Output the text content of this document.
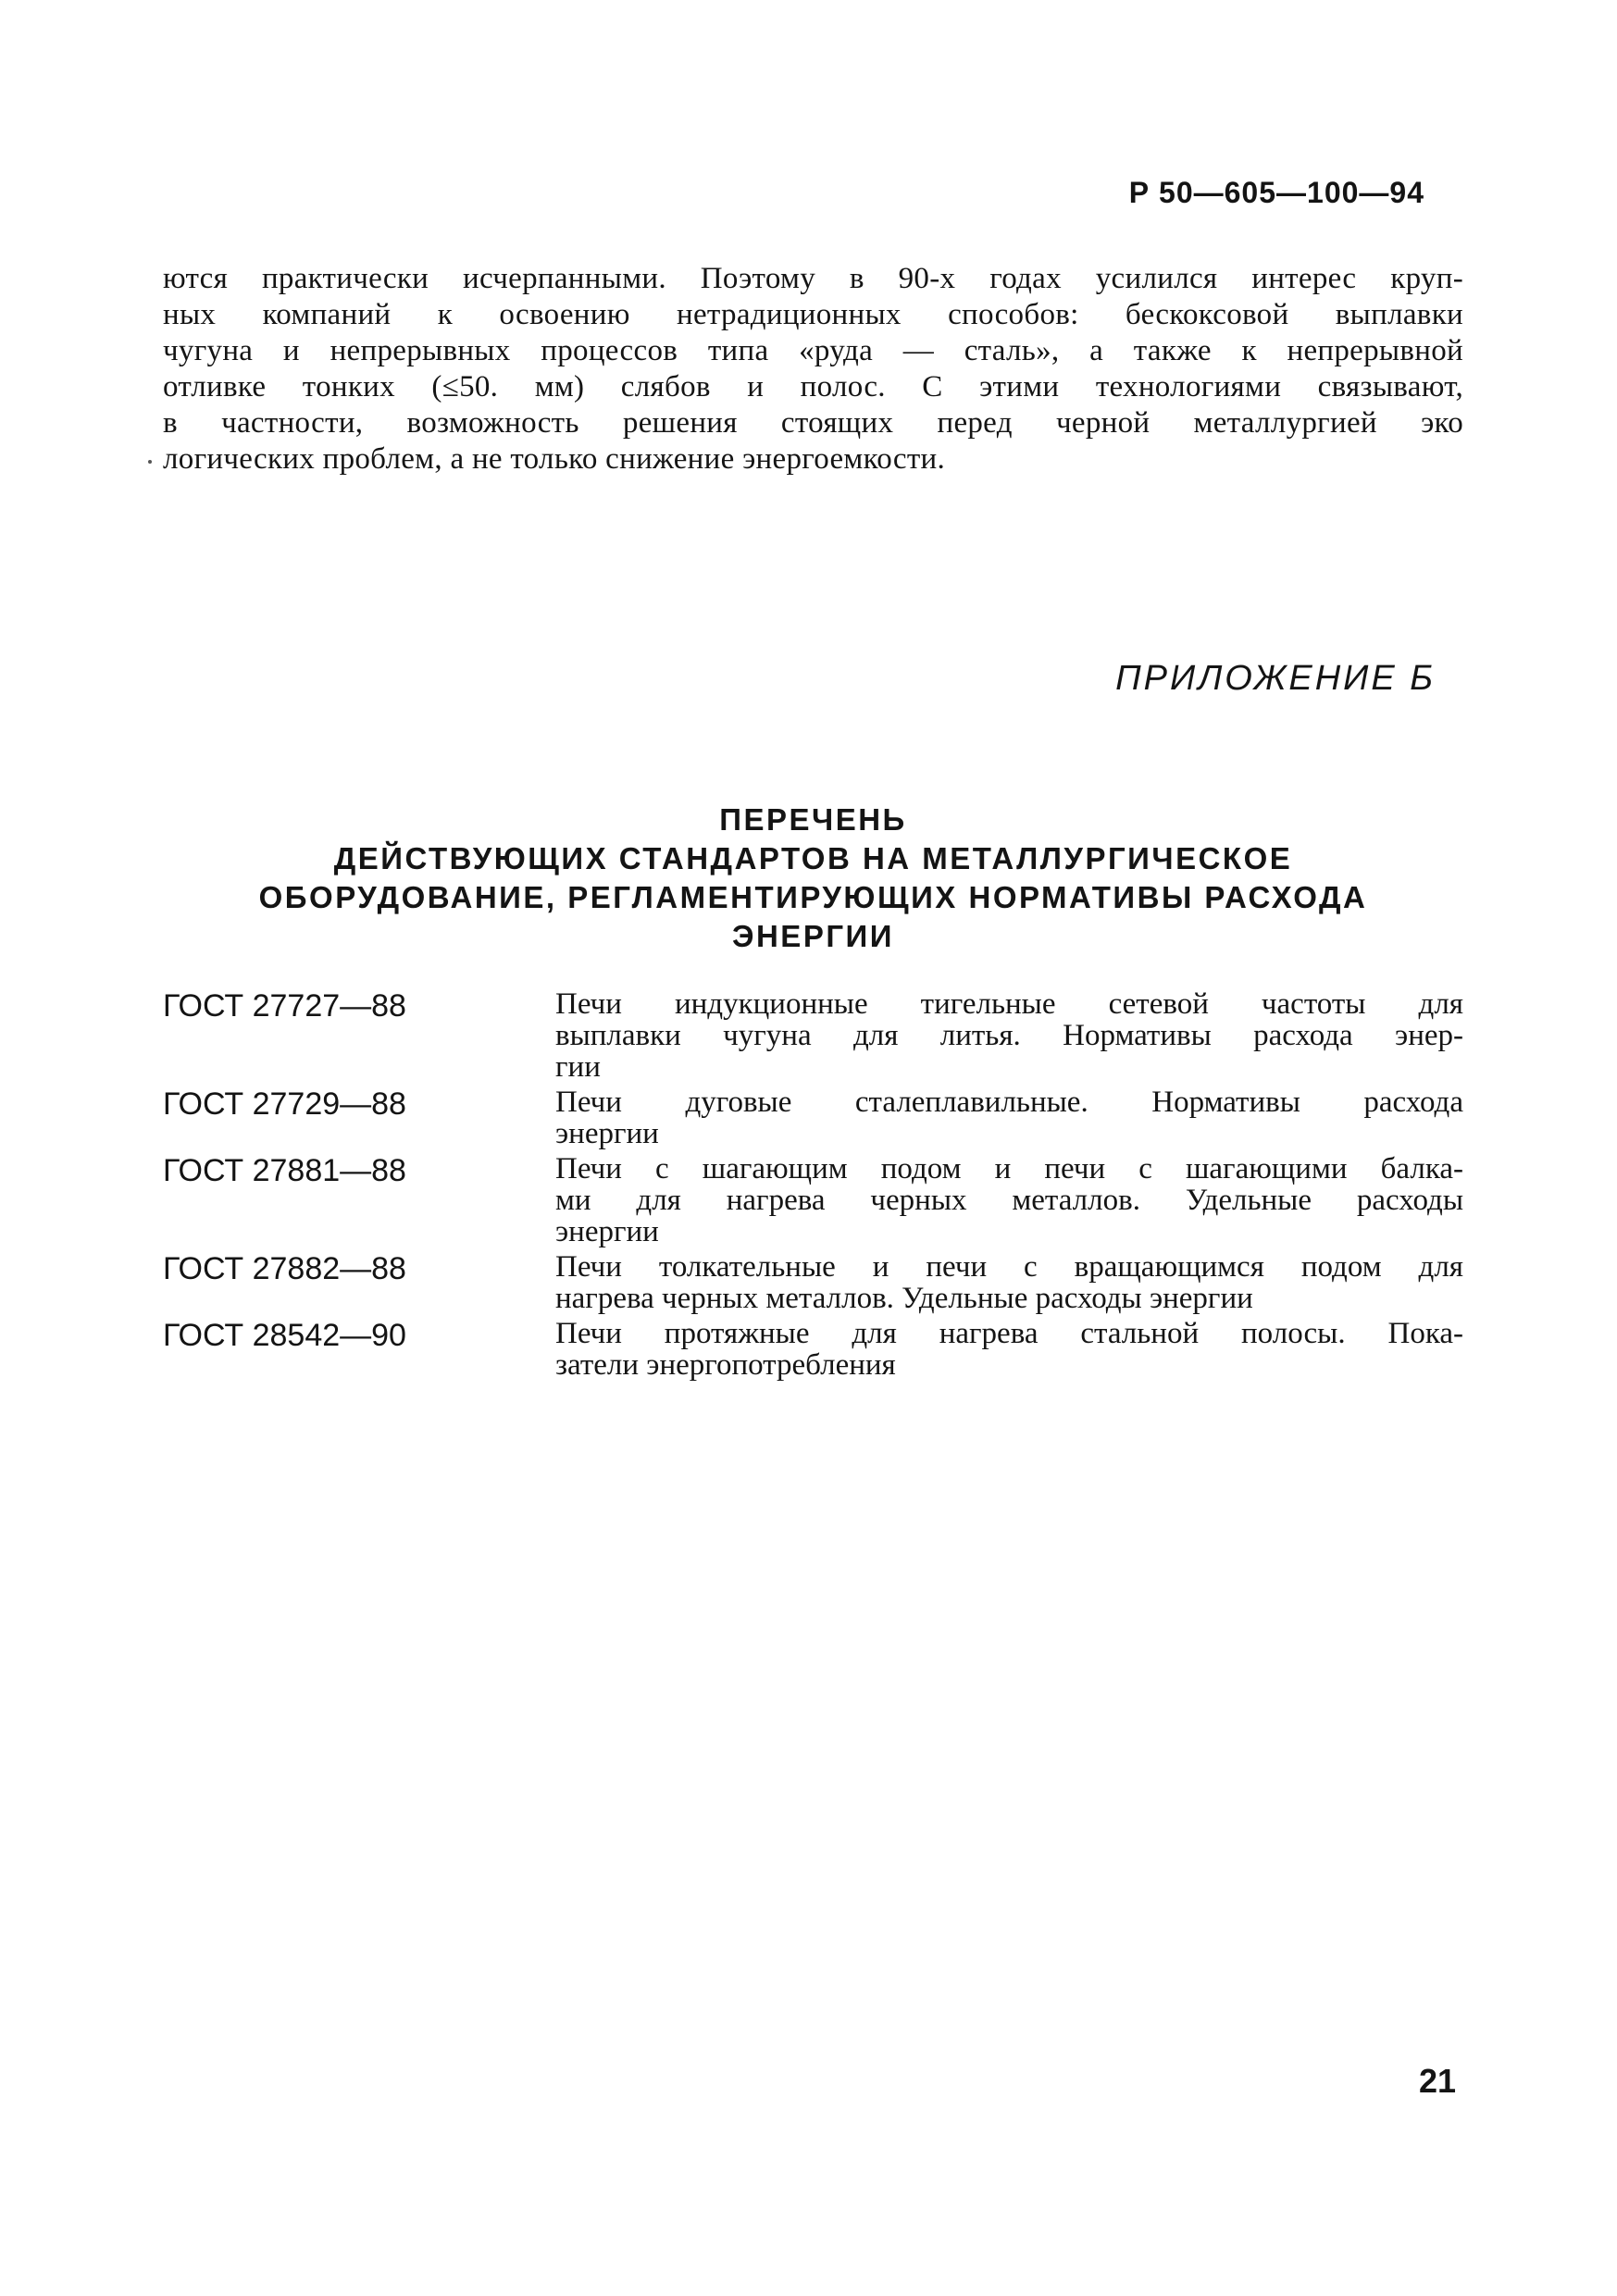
Р 50—605—100—94
ются практически исчерпанными. Поэтому в 90-х годах усилился интерес круп-
ных компаний к освоению нетрадиционных способов: бескоксовой выплавки
чугуна и непрерывных процессов типа «руда — сталь», а также к непрерывной
отливке тонких (≤50. мм) слябов и полос. С этими технологиями связывают,
в частности, возможность решения стоящих перед черной металлургией эко
логических проблем, а не только снижение энергоемкости.
ПРИЛОЖЕНИЕ Б
ПЕРЕЧЕНЬ
ДЕЙСТВУЮЩИХ СТАНДАРТОВ НА МЕТАЛЛУРГИЧЕСКОЕ
ОБОРУДОВАНИЕ, РЕГЛАМЕНТИРУЮЩИХ НОРМАТИВЫ РАСХОДА
ЭНЕРГИИ
ГОСТ 27727—88	Печи индукционные тигельные сетевой частоты для
выплавки чугуна для литья. Нормативы расхода энер-
гии
ГОСТ 27729—88	Печи дуговые сталеплавильные. Нормативы расхода
энергии
ГОСТ 27881—88	Печи с шагающим подом и печи с шагающими балка-
ми для нагрева черных металлов. Удельные расходы
энергии
ГОСТ 27882—88	Печи толкательные и печи с вращающимся подом для
нагрева черных металлов. Удельные расходы энергии
ГОСТ 28542—90	Печи протяжные для нагрева стальной полосы. Пока-
затели энергопотребления
21
